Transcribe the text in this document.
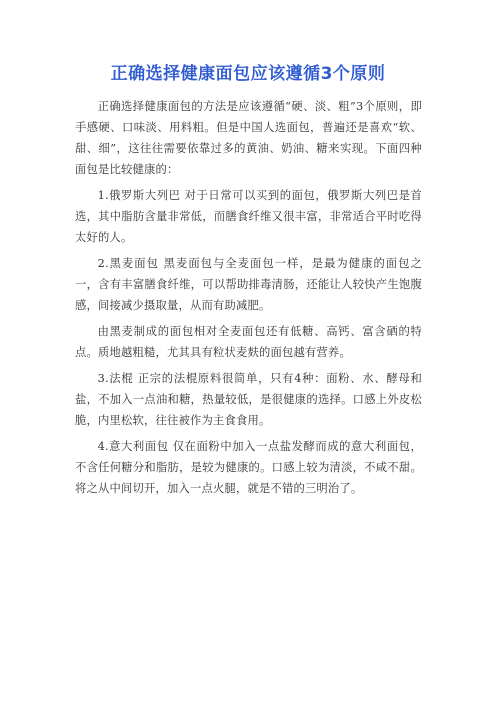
正确选择健康面包应该遵循3个原则

正确选择健康面包的方法是应该遵循“硬、淡、粗”3个原则，即手感硬、口味淡、用料粗。但是中国人选面包，普遍还是喜欢“软、甜、细”，这往往需要依靠过多的黄油、奶油、糖来实现。下面四种面包是比较健康的：

1.俄罗斯大列巴 对于日常可以买到的面包，俄罗斯大列巴是首选，其中脂肪含量非常低，而膳食纤维又很丰富，非常适合平时吃得太好的人。

2.黑麦面包 黑麦面包与全麦面包一样，是最为健康的面包之一，含有丰富膳食纤维，可以帮助排毒清肠，还能让人较快产生饱腹感，间接减少摄取量，从而有助减肥。

由黑麦制成的面包相对全麦面包还有低糖、高钙、富含硒的特点。质地越粗糙，尤其具有粒状麦麸的面包越有营养。

3.法棍 正宗的法棍原料很简单，只有4种：面粉、水、酵母和盐，不加入一点油和糖，热量较低，是很健康的选择。口感上外皮松脆，内里松软，往往被作为主食食用。

4.意大利面包 仅在面粉中加入一点盐发酵而成的意大利面包，不含任何糖分和脂肪，是较为健康的。口感上较为清淡，不咸不甜。将之从中间切开，加入一点火腿，就是不错的三明治了。
